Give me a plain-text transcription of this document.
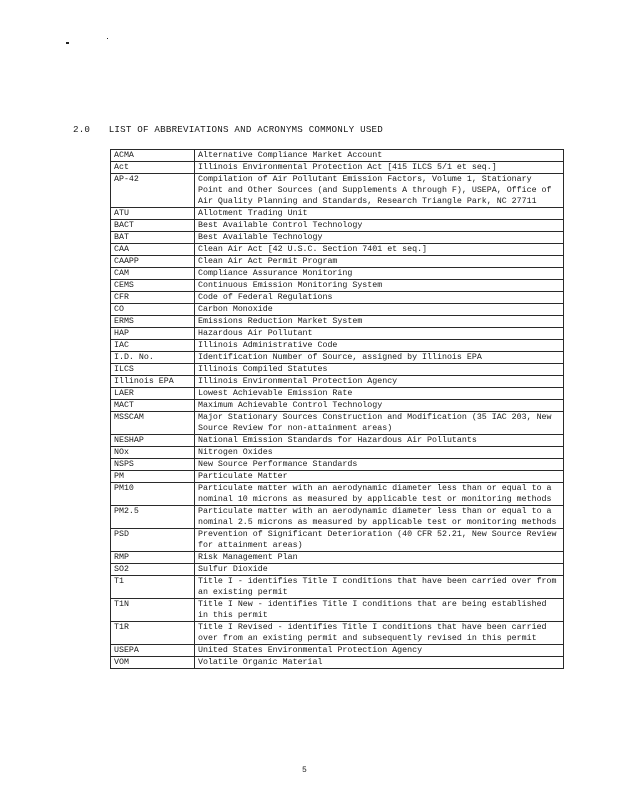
2.0 LIST OF ABBREVIATIONS AND ACRONYMS COMMONLY USED
ACMA	Alternative Compliance Market Account
Act	Illinois Environmental Protection Act [415 ILCS 5/1 et seq.]
AP-42	Compilation of Air Pollutant Emission Factors, Volume 1, Stationary Point and Other Sources (and Supplements A through F), USEPA, Office of Air Quality Planning and Standards, Research Triangle Park, NC 27711
ATU	Allotment Trading Unit
BACT	Best Available Control Technology
BAT	Best Available Technology
CAA	Clean Air Act [42 U.S.C. Section 7401 et seq.]
CAAPP	Clean Air Act Permit Program
CAM	Compliance Assurance Monitoring
CEMS	Continuous Emission Monitoring System
CFR	Code of Federal Regulations
CO	Carbon Monoxide
ERMS	Emissions Reduction Market System
HAP	Hazardous Air Pollutant
IAC	Illinois Administrative Code
I.D. No.	Identification Number of Source, assigned by Illinois EPA
ILCS	Illinois Compiled Statutes
Illinois EPA	Illinois Environmental Protection Agency
LAER	Lowest Achievable Emission Rate
MACT	Maximum Achievable Control Technology
MSSCAM	Major Stationary Sources Construction and Modification (35 IAC 203, New Source Review for non-attainment areas)
NESHAP	National Emission Standards for Hazardous Air Pollutants
NOx	Nitrogen Oxides
NSPS	New Source Performance Standards
PM	Particulate Matter
PM10	Particulate matter with an aerodynamic diameter less than or equal to a nominal 10 microns as measured by applicable test or monitoring methods
PM2.5	Particulate matter with an aerodynamic diameter less than or equal to a nominal 2.5 microns as measured by applicable test or monitoring methods
PSD	Prevention of Significant Deterioration (40 CFR 52.21, New Source Review for attainment areas)
RMP	Risk Management Plan
SO2	Sulfur Dioxide
T1	Title I - identifies Title I conditions that have been carried over from an existing permit
T1N	Title I New - identifies Title I conditions that are being established in this permit
T1R	Title I Revised - identifies Title I conditions that have been carried over from an existing permit and subsequently revised in this permit
USEPA	United States Environmental Protection Agency
VOM	Volatile Organic Material
5
